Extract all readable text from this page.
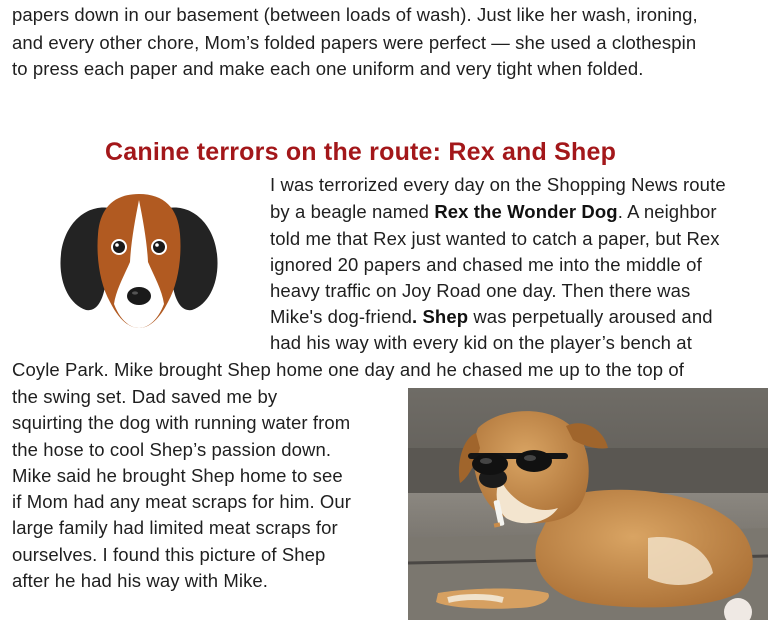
papers down in our basement (between loads of wash). Just like her wash, ironing,
and every other chore, Mom’s folded papers were perfect — she used a clothespin
to press each paper and make each one uniform and very tight when folded.
Canine terrors on the route: Rex and Shep
I was terrorized every day on the Shopping News route
by a beagle named Rex the Wonder Dog. A neighbor
told me that Rex just wanted to catch a paper, but Rex
ignored 20 papers and chased me into the middle of
heavy traffic on Joy Road one day. Then there was
Mike's dog-friend. Shep was perpetually aroused and
had his way with every kid on the player’s bench at
Coyle Park. Mike brought Shep home one day and he chased me up to the top of
the swing set. Dad saved me by
squirting the dog with running water from
the hose to cool Shep’s passion down.
Mike said he brought Shep home to see
if Mom had any meat scraps for him. Our
large family had limited meat scraps for
ourselves. I found this picture of Shep
after he had his way with Mike.
